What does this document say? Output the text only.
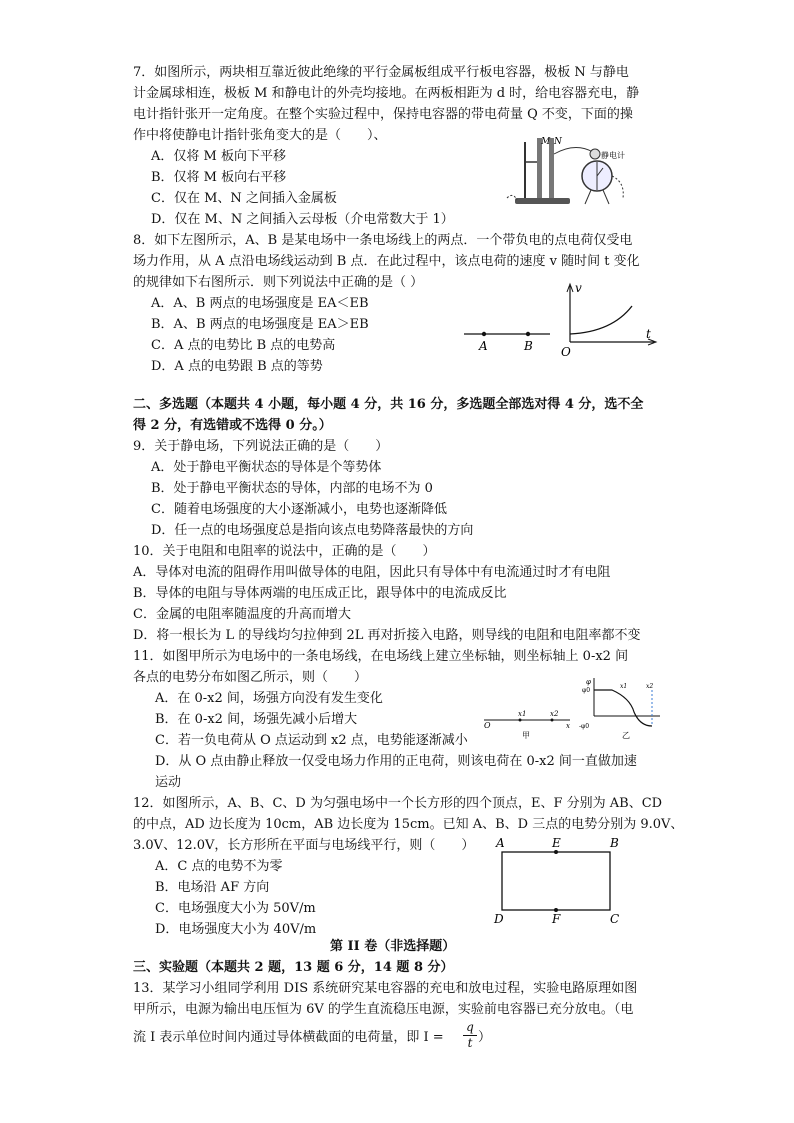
7．如图所示，两块相互靠近彼此绝缘的平行金属板组成平行板电容器，极板 N 与静电
计金属球相连，极板 M 和静电计的外壳均接地。在两板相距为 d 时，给电容器充电，静
电计指针张开一定角度。在整个实验过程中，保持电容器的带电荷量 Q 不变，下面的操
作中将使静电计指针张角变大的是（　　）、
A．仅将 M 板向下平移
B．仅将 M 板向右平移
C．仅在 M、N 之间插入金属板
D．仅在 M、N 之间插入云母板（介电常数大于 1）
M N
静电计
8．如下左图所示，A、B 是某电场中一条电场线上的两点．一个带负电的点电荷仅受电
场力作用，从 A 点沿电场线运动到 B 点．在此过程中，该点电荷的速度 v 随时间 t 变化
的规律如下右图所示．则下列说法中正确的是（ ）
A．A、B 两点的电场强度是 EA＜EB
B．A、B 两点的电场强度是 EA＞EB
C．A 点的电势比 B 点的电势高
D．A 点的电势跟 B 点的等势
A	B
v
t
O
二、多选题（本题共 4 小题，每小题 4 分，共 16 分，多选题全部选对得 4 分，选不全
得 2 分，有选错或不选得 0 分。）
9．关于静电场，下列说法正确的是（　　）
A．处于静电平衡状态的导体是个等势体
B．处于静电平衡状态的导体，内部的电场不为 0
C．随着电场强度的大小逐渐减小，电势也逐渐降低
D．任一点的电场强度总是指向该点电势降落最快的方向
10．关于电阻和电阻率的说法中，正确的是（　　）
A．导体对电流的阻碍作用叫做导体的电阻，因此只有导体中有电流通过时才有电阻
B．导体的电阻与导体两端的电压成正比，跟导体中的电流成反比
C．金属的电阻率随温度的升高而增大
D．将一根长为 L 的导线均匀拉伸到 2L 再对折接入电路，则导线的电阻和电阻率都不变
11．如图甲所示为电场中的一条电场线，在电场线上建立坐标轴，则坐标轴上 0-x2 间
各点的电势分布如图乙所示，则（　　）
A．在 0-x2 间，场强方向没有发生变化
B．在 0-x2 间，场强先减小后增大
C．若一负电荷从 O 点运动到 x2 点，电势能逐渐减小
D．从 O 点由静止释放一仅受电场力作用的正电荷，则该电荷在 0-x2 间一直做加速
运动
O
x1	x2
x
甲
φ
φ0
-φ0
x1	x2
乙
12．如图所示，A、B、C、D 为匀强电场中一个长方形的四个顶点，E、F 分别为 AB、CD
的中点，AD 边长度为 10cm，AB 边长度为 15cm。已知 A、B、D 三点的电势分别为 9.0V、
3.0V、12.0V，长方形所在平面与电场线平行，则（　　）
A．C 点的电势不为零
B．电场沿 AF 方向
C．电场强度大小为 50V/m
D．电场强度大小为 40V/m
A	E	B
D	F	C
第 II 卷（非选择题）
三、实验题（本题共 2 题，13 题 6 分，14 题 8 分）
13．某学习小组同学利用 DIS 系统研究某电容器的充电和放电过程，实验电路原理如图
甲所示，电源为输出电压恒为 6V 的学生直流稳压电源，实验前电容器已充分放电。（电
流 I 表示单位时间内通过导体横截面的电荷量，即 $I = \frac{q}{t}$ ）
